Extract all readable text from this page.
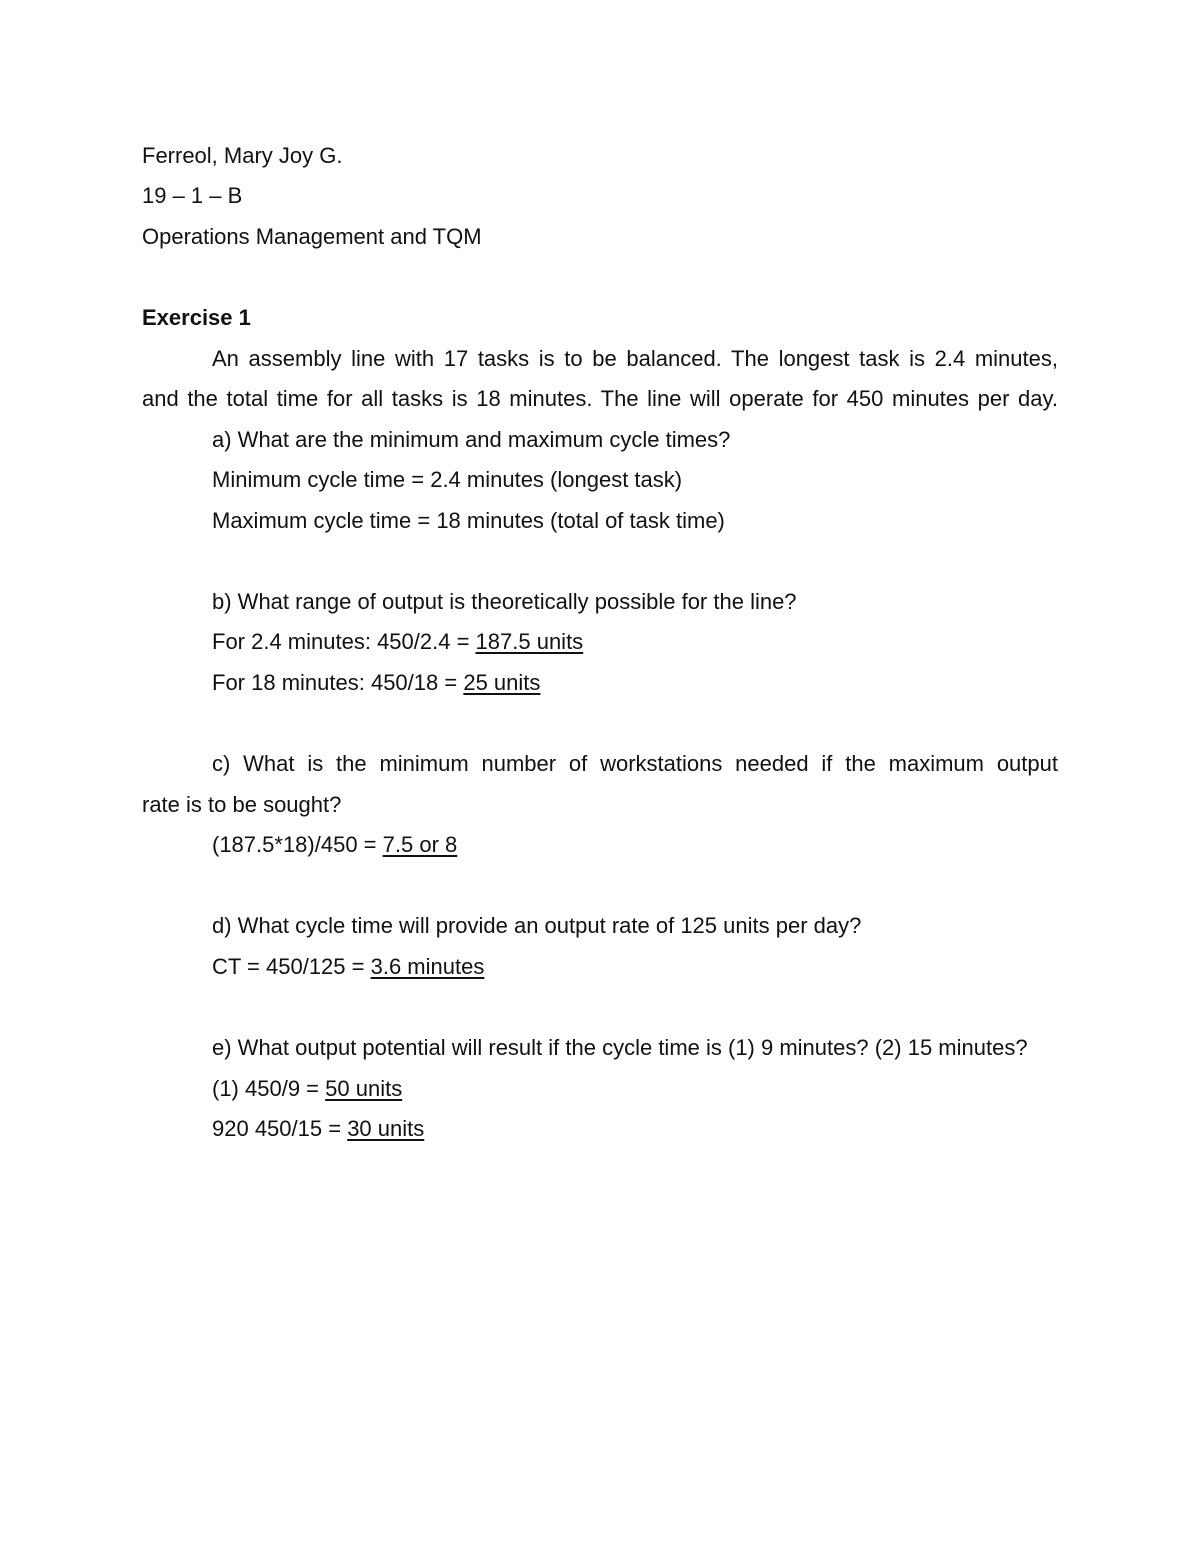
Ferreol, Mary Joy G.
19 – 1 – B
Operations Management and TQM
Exercise 1
An assembly line with 17 tasks is to be balanced. The longest task is 2.4 minutes,
and the total time for all tasks is 18 minutes. The line will operate for 450 minutes per day.
a) What are the minimum and maximum cycle times?
Minimum cycle time = 2.4 minutes (longest task)
Maximum cycle time = 18 minutes (total of task time)
b) What range of output is theoretically possible for the line?
For 2.4 minutes: 450/2.4 = 187.5 units
For 18 minutes: 450/18 = 25 units
c) What is the minimum number of workstations needed if the maximum output
rate is to be sought?
(187.5*18)/450 = 7.5 or 8
d) What cycle time will provide an output rate of 125 units per day?
CT = 450/125 = 3.6 minutes
e) What output potential will result if the cycle time is (1) 9 minutes? (2) 15 minutes?
(1) 450/9 = 50 units
920 450/15 = 30 units
